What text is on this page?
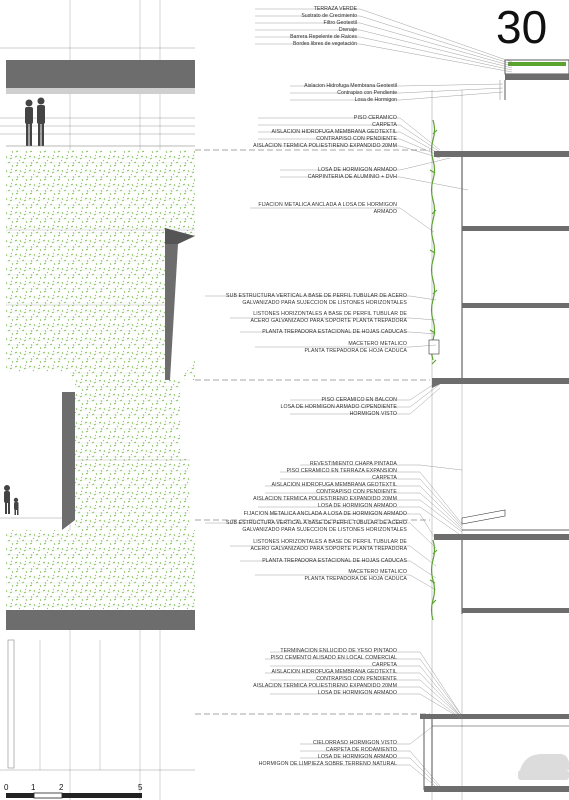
30
TERRAZA VERDE
Sustrato de Crecimiento
Filtro Geotextil
Drenaje
Barrera Repelente de Raices
Bordes libres de vegetación
Aislacion Hidrofuga Membrana Geotextil
Contrapiso con Pendiente
Losa de Hormigon
PISO CERAMICO
CARPETA
AISLACION HIDROFUGA MEMBRANA GEOTEXTIL
CONTRAPISO CON PENDIENTE
AISLACION TERMICA POLIESTIRENO EXPANDIDO 20MM
LOSA DE HORMIGON ARMADO
CARPINTERIA DE ALUMINIO + DVH
FIJACION METALICA ANCLADA A LOSA DE HORMIGON
ARMADO
SUB ESTRUCTURA VERTICAL A BASE DE PERFIL TUBULAR DE ACERO
GALVANIZADO PARA SUJECCION DE LISTONES HORIZONTALES
LISTONES HORIZONTALES A BASE DE PERFIL TUBULAR DE
ACERO GALVANIZADO PARA SOPORTE PLANTA TREPADORA
PLANTA TREPADORA ESTACIONAL DE HOJAS CADUCAS
MACETERO METALICO
PLANTA TREPADORA DE HOJA CADUCA
PISO CERAMICO EN BALCON
LOSA DE HORMIGON ARMADO C/PENDIENTE
HORMIGON VISTO
REVESTIMIENTO CHAPA PINTADA
PISO CERAMICO EN TERRAZA EXPANSION
CARPETA
AISLACION HIDROFUGA MEMBRANA GEOTEXTIL
CONTRAPISO CON PENDIENTE
AISLACION TERMICA POLIESTIRENO EXPANDIDO 20MM
LOSA DE HORMIGON ARMADO
FIJACION METALICA ANCLADA A LOSA DE HORMIGON ARMADO
SUB ESTRUCTURA VERTICAL A BASE DE PERFIL TUBULAR DE ACERO
GALVANIZADO PARA SUJECCION DE LISTONES HORIZONTALES
LISTONES HORIZONTALES A BASE DE PERFIL TUBULAR DE
ACERO GALVANIZADO PARA SOPORTE PLANTA TREPADORA
PLANTA TREPADORA ESTACIONAL DE HOJAS CADUCAS
MACETERO METALICO
PLANTA TREPADORA DE HOJA CADUCA
TERMINACION ENLUCIDO DE YESO PINTADO
PISO CEMENTO ALISADO EN LOCAL COMERCIAL
CARPETA
AISLACION HIDROFUGA MEMBRANA GEOTEXTIL
CONTRAPISO CON PENDIENTE
AISLACION TERMICA POLIESTIRENO EXPANDIDO 20MM
LOSA DE HORMIGON ARMADO
CIELORRASO HORMIGON VISTO
CARPETA DE RODAMIENTO
LOSA DE HORMIGON ARMADO
HORMIGON DE LIMPIEZA SOBRE TERRENO NATURAL
0	1	2	5
